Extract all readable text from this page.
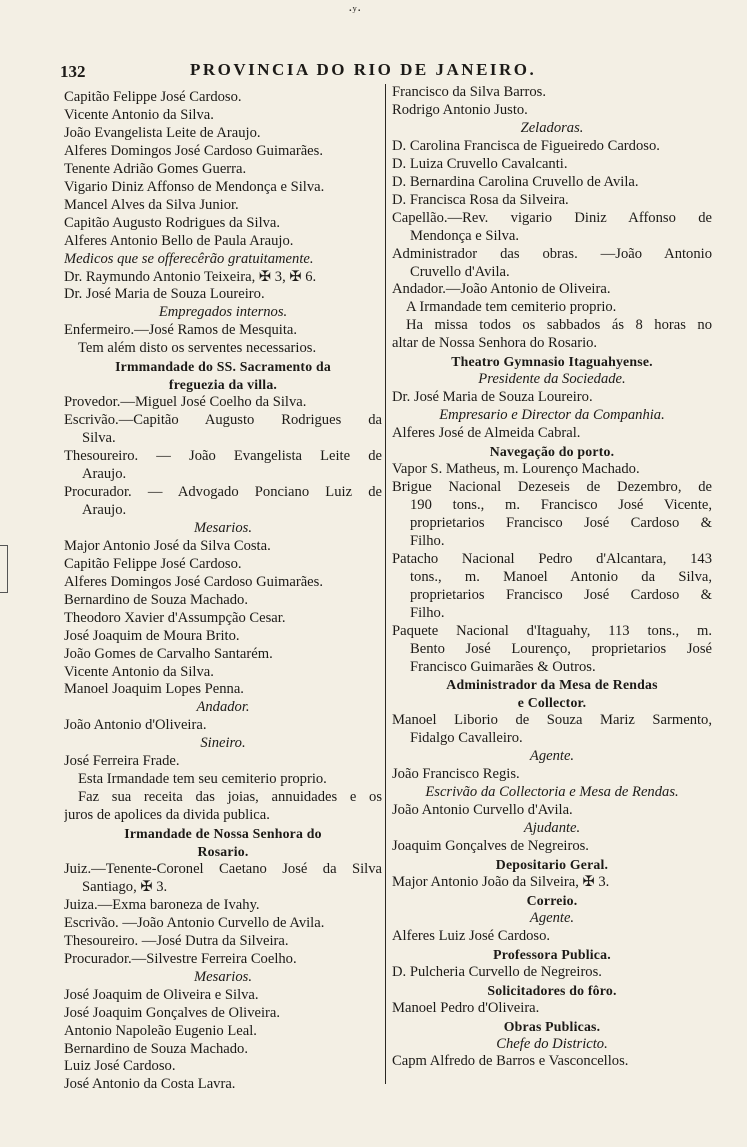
·ʸ·
132	PROVINCIA DO RIO DE JANEIRO.
Capitão Felippe José Cardoso.
Vicente Antonio da Silva.
João Evangelista Leite de Araujo.
Alferes Domingos José Cardoso Guimarães.
Tenente Adrião Gomes Guerra.
Vigario Diniz Affonso de Mendonça e Silva.
Mancel Alves da Silva Junior.
Capitão Augusto Rodrigues da Silva.
Alferes Antonio Bello de Paula Araujo.
Medicos que se offerecêrão gratuitamente.
Dr. Raymundo Antonio Teixeira, ✠ 3, ✠ 6.
Dr. José Maria de Souza Loureiro.
Empregados internos.
Enfermeiro.—José Ramos de Mesquita.
Tem além disto os serventes necessarios.
Irmmandade do SS. Sacramento da
freguezia da villa.
Provedor.—Miguel José Coelho da Silva.
Escrivão.—Capitão Augusto Rodrigues da
Silva.
Thesoureiro. — João Evangelista Leite de
Araujo.
Procurador. — Advogado Ponciano Luiz de
Araujo.
Mesarios.
Major Antonio José da Silva Costa.
Capitão Felippe José Cardoso.
Alferes Domingos José Cardoso Guimarães.
Bernardino de Souza Machado.
Theodoro Xavier d'Assumpção Cesar.
José Joaquim de Moura Brito.
João Gomes de Carvalho Santarém.
Vicente Antonio da Silva.
Manoel Joaquim Lopes Penna.
Andador.
João Antonio d'Oliveira.
Sineiro.
José Ferreira Frade.
Esta Irmandade tem seu cemiterio proprio.
Faz sua receita das joias, annuidades e os
juros de apolices da divida publica.
Irmandade de Nossa Senhora do
Rosario.
Juiz.—Tenente-Coronel Caetano José da Silva
Santiago, ✠ 3.
Juiza.—Exma baroneza de Ivahy.
Escrivão. —João Antonio Curvello de Avila.
Thesoureiro. —José Dutra da Silveira.
Procurador.—Silvestre Ferreira Coelho.
Mesarios.
José Joaquim de Oliveira e Silva.
José Joaquim Gonçalves de Oliveira.
Antonio Napoleão Eugenio Leal.
Bernardino de Souza Machado.
Luiz José Cardoso.
José Antonio da Costa Lavra.
Francisco da Silva Barros.
Rodrigo Antonio Justo.
Zeladoras.
D. Carolina Francisca de Figueiredo Cardoso.
D. Luiza Cruvello Cavalcanti.
D. Bernardina Carolina Cruvello de Avila.
D. Francisca Rosa da Silveira.
Capellão.—Rev. vigario Diniz Affonso de
Mendonça e Silva.
Administrador das obras. —João Antonio
Cruvello d'Avila.
Andador.—João Antonio de Oliveira.
A Irmandade tem cemiterio proprio.
Ha missa todos os sabbados ás 8 horas no
altar de Nossa Senhora do Rosario.
Theatro Gymnasio Itaguahyense.
Presidente da Sociedade.
Dr. José Maria de Souza Loureiro.
Empresario e Director da Companhia.
Alferes José de Almeida Cabral.
Navegação do porto.
Vapor S. Matheus, m. Lourenço Machado.
Brigue Nacional Dezeseis de Dezembro, de
190 tons., m. Francisco José Vicente,
proprietarios Francisco José Cardoso &
Filho.
Patacho Nacional Pedro d'Alcantara, 143
tons., m. Manoel Antonio da Silva,
proprietarios Francisco José Cardoso &
Filho.
Paquete Nacional d'Itaguahy, 113 tons., m.
Bento José Lourenço, proprietarios José
Francisco Guimarães & Outros.
Administrador da Mesa de Rendas
e Collector.
Manoel Liborio de Souza Mariz Sarmento,
Fidalgo Cavalleiro.
Agente.
João Francisco Regis.
Escrivão da Collectoria e Mesa de Rendas.
João Antonio Curvello d'Avila.
Ajudante.
Joaquim Gonçalves de Negreiros.
Depositario Geral.
Major Antonio João da Silveira, ✠ 3.
Correio.
Agente.
Alferes Luiz José Cardoso.
Professora Publica.
D. Pulcheria Curvello de Negreiros.
Solicitadores do fôro.
Manoel Pedro d'Oliveira.
Obras Publicas.
Chefe do Districto.
Capm Alfredo de Barros e Vasconcellos.
